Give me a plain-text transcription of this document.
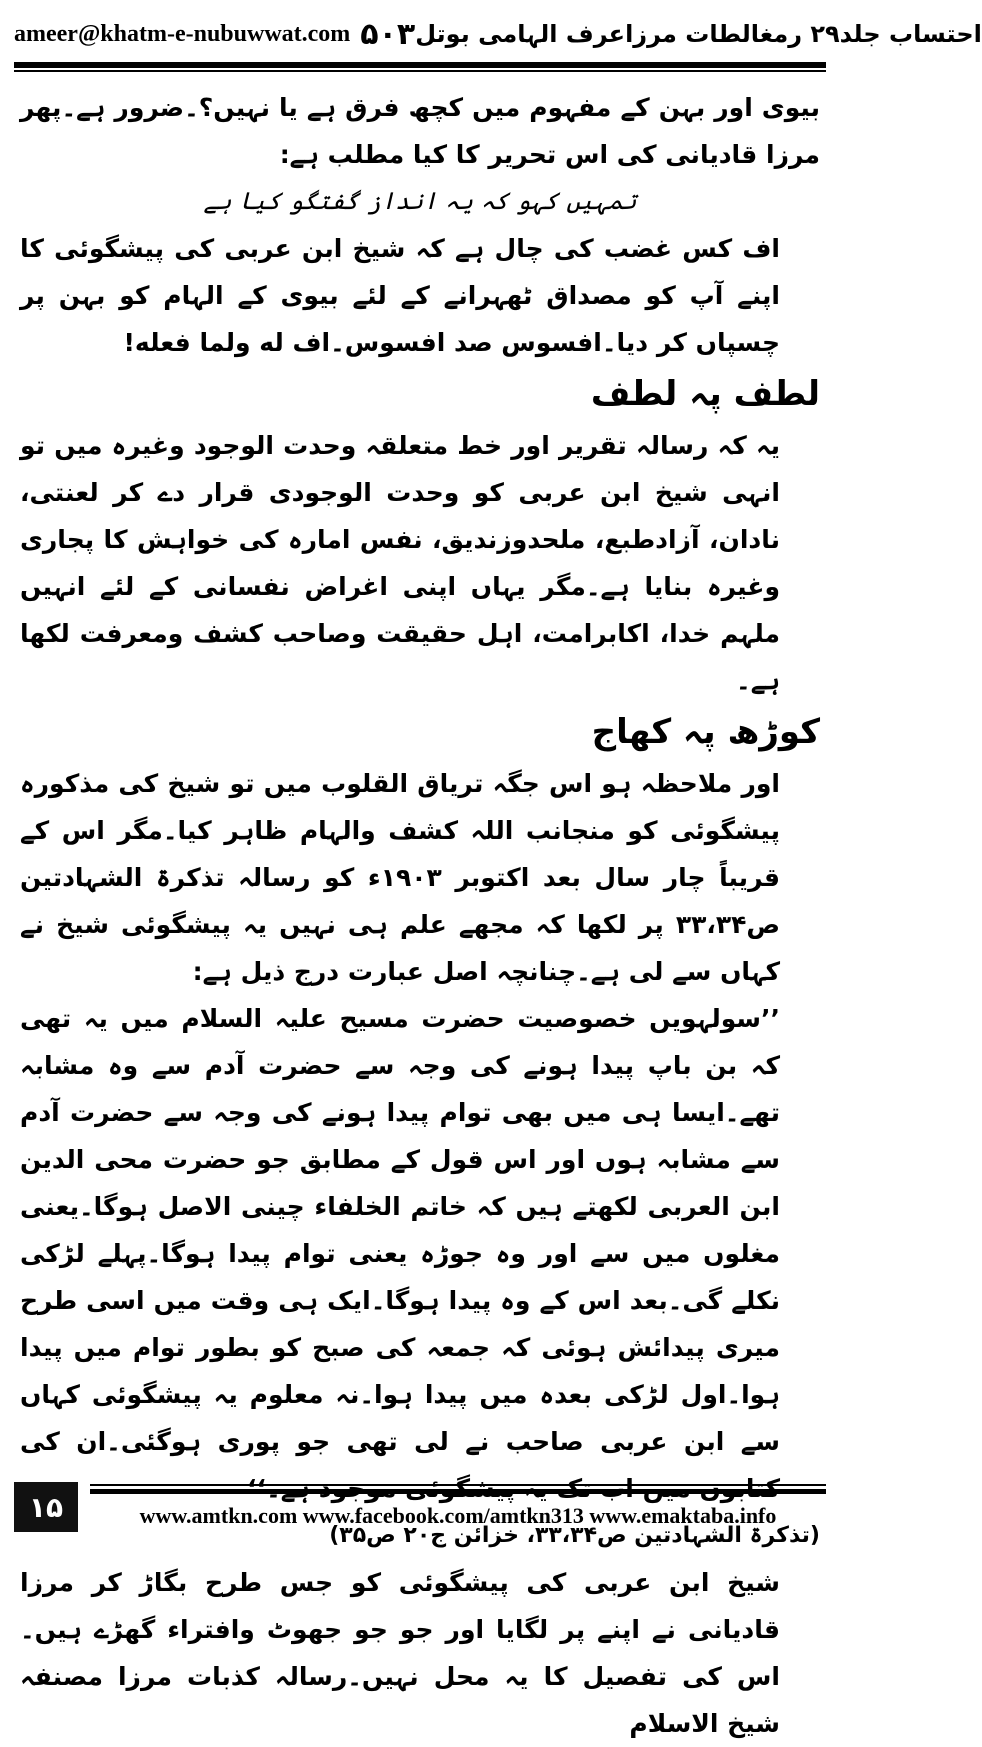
ameer@khatm-e-nubuwwat.com ۵۰۳ احتساب جلد۲۹ رمغالطات مرزاعرف الہامی بوتل

بیوی اور بہن کے مفہوم میں کچھ فرق ہے یا نہیں؟۔ضرور ہے۔پھر مرزا قادیانی کی اس تحریر کا کیا مطلب ہے:

تمہیں کہو کہ یہ انداز گفتگو کیا ہے

اف کس غضب کی چال ہے کہ شیخ ابن عربی کی پیشگوئی کا اپنے آپ کو مصداق ٹھہرانے کے لئے بیوی کے الہام کو بہن پر چسپاں کر دیا۔افسوس صد افسوس۔اف له ولما فعله!

لطف پہ لطف

یہ کہ رسالہ تقریر اور خط متعلقہ وحدت الوجود وغیرہ میں تو انہی شیخ ابن عربی کو وحدت الوجودی قرار دے کر لعنتی، نادان، آزادطبع، ملحدوزندیق، نفس امارہ کی خواہش کا پجاری وغیرہ بنایا ہے۔مگر یہاں اپنی اغراض نفسانی کے لئے انہیں ملہم خدا، اکابرامت، اہل حقیقت وصاحب کشف ومعرفت لکھا ہے۔

کوڑھ پہ کھاج

اور ملاحظہ ہو اس جگہ تریاق القلوب میں تو شیخ کی مذکورہ پیشگوئی کو منجانب اللہ کشف والہام ظاہر کیا۔مگر اس کے قریباً چار سال بعد اکتوبر ۱۹۰۳ء کو رسالہ تذکرۃ الشہادتین ص۳۳،۳۴ پر لکھا کہ مجھے علم ہی نہیں یہ پیشگوئی شیخ نے کہاں سے لی ہے۔چنانچہ اصل عبارت درج ذیل ہے:

’’سولہویں خصوصیت حضرت مسیح علیہ السلام میں یہ تھی کہ بن باپ پیدا ہونے کی وجہ سے حضرت آدم سے وہ مشابہ تھے۔ایسا ہی میں بھی توام پیدا ہونے کی وجہ سے حضرت آدم سے مشابہ ہوں اور اس قول کے مطابق جو حضرت محی الدین ابن العربی لکھتے ہیں کہ خاتم الخلفاء چینی الاصل ہوگا۔یعنی مغلوں میں سے اور وہ جوڑہ یعنی توام پیدا ہوگا۔پہلے لڑکی نکلے گی۔بعد اس کے وہ پیدا ہوگا۔ایک ہی وقت میں اسی طرح میری پیدائش ہوئی کہ جمعہ کی صبح کو بطور توام میں پیدا ہوا۔اول لڑکی بعدہ میں پیدا ہوا۔نہ معلوم یہ پیشگوئی کہاں سے ابن عربی صاحب نے لی تھی جو پوری ہوگئی۔ان کی

(تذکرۃ الشہادتین ص۳۳،۳۴، خزائن ج۲۰ ص۳۵)

شیخ ابن عربی کی پیشگوئی کو جس طرح بگاڑ کر مرزا قادیانی نے اپنے پر لگایا اور جو جو جھوٹ وافتراء گھڑے ہیں۔اس کی تفصیل کا یہ محل نہیں۔رسالہ کذبات مرزا مصنفہ شیخ الاسلام

۱۵	www.amtkn.com www.facebook.com/amtkn313 www.emaktaba.info
